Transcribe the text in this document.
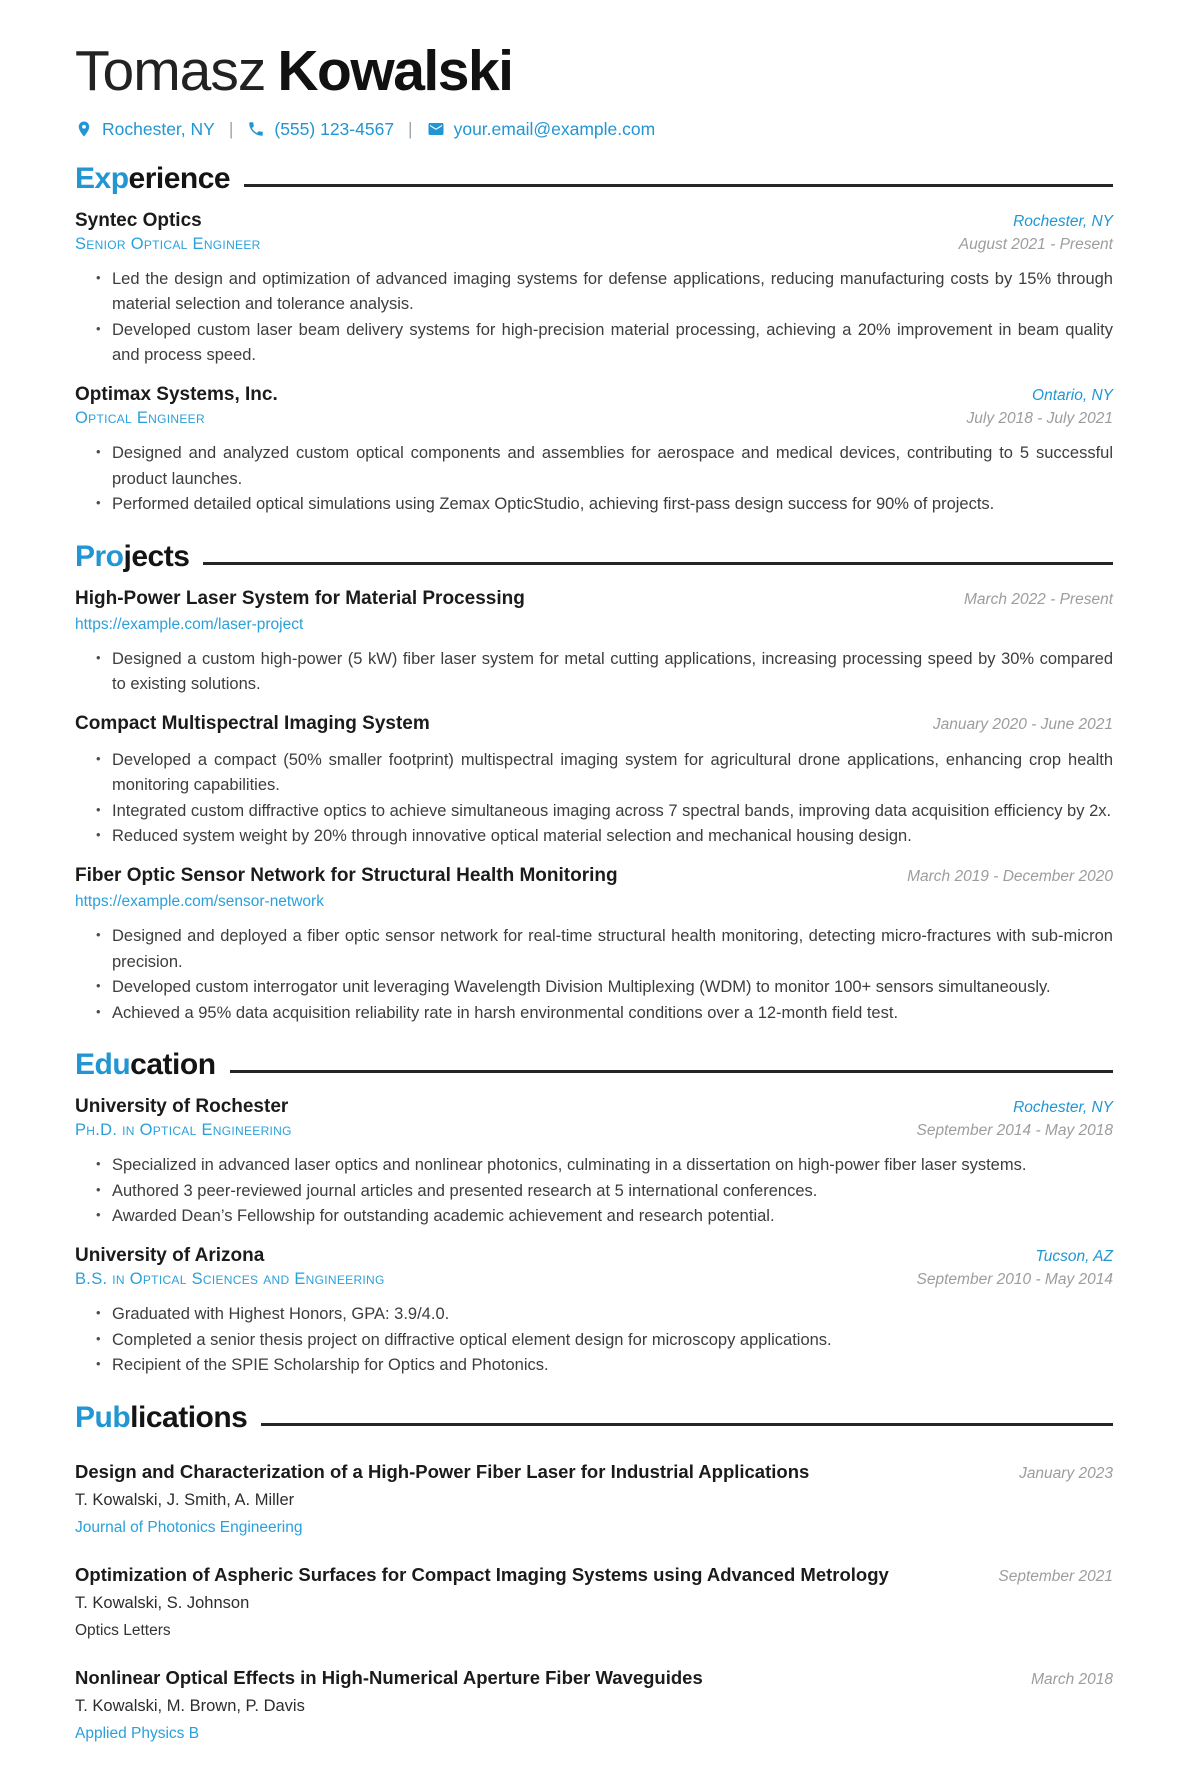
Tomasz Kowalski
Rochester, NY | (555) 123-4567 | your.email@example.com
Experience
Syntec Optics	Rochester, NY
Senior Optical Engineer	August 2021 - Present
• Led the design and optimization of advanced imaging systems for defense applications, reducing manufacturing costs by 15% through material selection and tolerance analysis.
• Developed custom laser beam delivery systems for high-precision material processing, achieving a 20% improvement in beam quality and process speed.
Optimax Systems, Inc.	Ontario, NY
Optical Engineer	July 2018 - July 2021
• Designed and analyzed custom optical components and assemblies for aerospace and medical devices, contributing to 5 successful product launches.
• Performed detailed optical simulations using Zemax OpticStudio, achieving first-pass design success for 90% of projects.
Projects
High-Power Laser System for Material Processing	March 2022 - Present
https://example.com/laser-project
• Designed a custom high-power (5 kW) fiber laser system for metal cutting applications, increasing processing speed by 30% compared to existing solutions.
Compact Multispectral Imaging System	January 2020 - June 2021
• Developed a compact (50% smaller footprint) multispectral imaging system for agricultural drone applications, enhancing crop health monitoring capabilities.
• Integrated custom diffractive optics to achieve simultaneous imaging across 7 spectral bands, improving data acquisition efficiency by 2x.
• Reduced system weight by 20% through innovative optical material selection and mechanical housing design.
Fiber Optic Sensor Network for Structural Health Monitoring	March 2019 - December 2020
https://example.com/sensor-network
• Designed and deployed a fiber optic sensor network for real-time structural health monitoring, detecting micro-fractures with sub-micron precision.
• Developed custom interrogator unit leveraging Wavelength Division Multiplexing (WDM) to monitor 100+ sensors simultaneously.
• Achieved a 95% data acquisition reliability rate in harsh environmental conditions over a 12-month field test.
Education
University of Rochester	Rochester, NY
Ph.D. in Optical Engineering	September 2014 - May 2018
• Specialized in advanced laser optics and nonlinear photonics, culminating in a dissertation on high-power fiber laser systems.
• Authored 3 peer-reviewed journal articles and presented research at 5 international conferences.
• Awarded Dean’s Fellowship for outstanding academic achievement and research potential.
University of Arizona	Tucson, AZ
B.S. in Optical Sciences and Engineering	September 2010 - May 2014
• Graduated with Highest Honors, GPA: 3.9/4.0.
• Completed a senior thesis project on diffractive optical element design for microscopy applications.
• Recipient of the SPIE Scholarship for Optics and Photonics.
Publications
Design and Characterization of a High-Power Fiber Laser for Industrial Applications	January 2023
T. Kowalski, J. Smith, A. Miller
Journal of Photonics Engineering
Optimization of Aspheric Surfaces for Compact Imaging Systems using Advanced Metrology	September 2021
T. Kowalski, S. Johnson
Optics Letters
Nonlinear Optical Effects in High-Numerical Aperture Fiber Waveguides	March 2018
T. Kowalski, M. Brown, P. Davis
Applied Physics B
